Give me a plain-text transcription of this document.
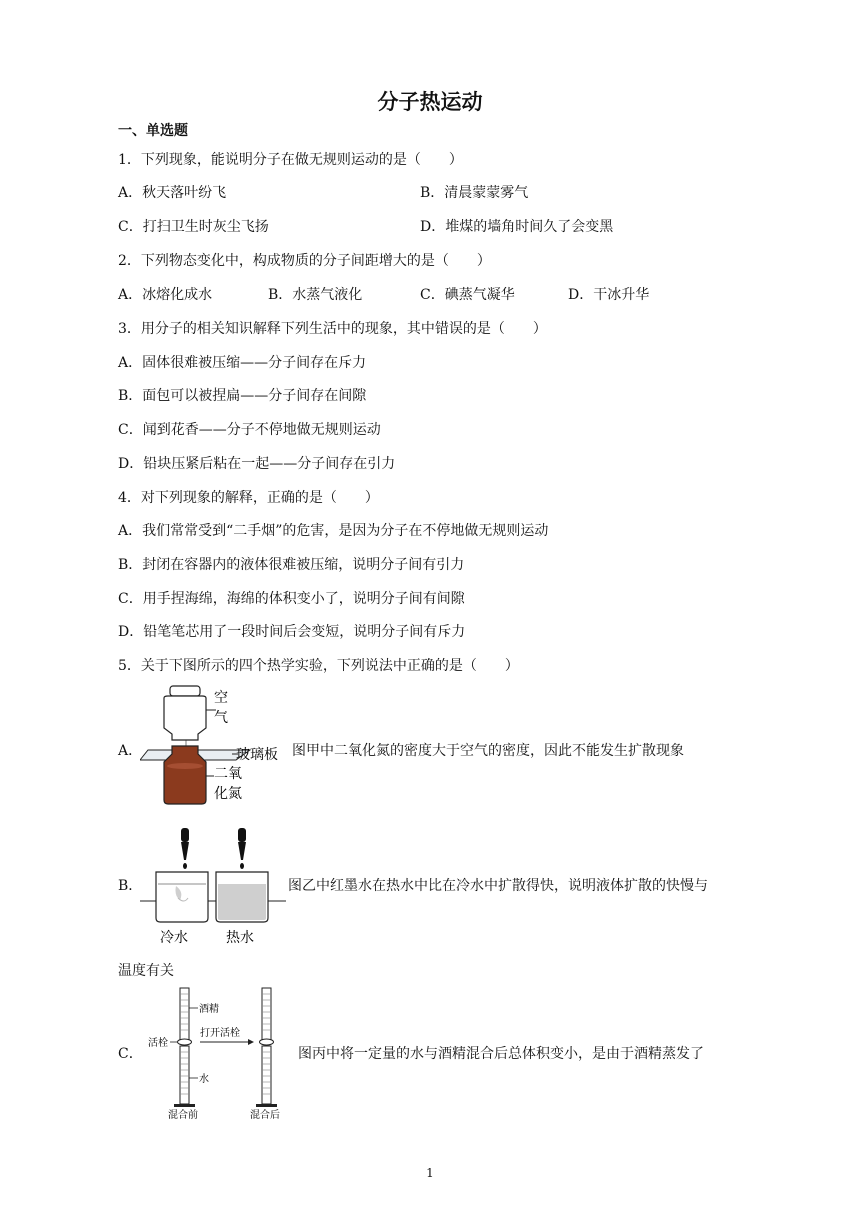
分子热运动
一、单选题
1．下列现象，能说明分子在做无规则运动的是（　　）
A．秋天落叶纷飞	B．清晨蒙蒙雾气
C．打扫卫生时灰尘飞扬	D．堆煤的墙角时间久了会变黑
2．下列物态变化中，构成物质的分子间距增大的是（　　）
A．冰熔化成水	B．水蒸气液化	C．碘蒸气凝华	D．干冰升华
3．用分子的相关知识解释下列生活中的现象，其中错误的是（　　）
A．固体很难被压缩——分子间存在斥力
B．面包可以被捏扁——分子间存在间隙
C．闻到花香——分子不停地做无规则运动
D．铅块压紧后粘在一起——分子间存在引力
4．对下列现象的解释，正确的是（　　）
A．我们常常受到“二手烟”的危害，是因为分子在不停地做无规则运动
B．封闭在容器内的液体很难被压缩，说明分子间有引力
C．用手捏海绵，海绵的体积变小了，说明分子间有间隙
D．铅笔笔芯用了一段时间后会变短，说明分子间有斥力
5．关于下图所示的四个热学实验，下列说法中正确的是（　　）
A．
空
气
玻璃板
二氧
化氮
图甲中二氧化氮的密度大于空气的密度，因此不能发生扩散现象
B．
冷水	热水
图乙中红墨水在热水中比在冷水中扩散得快，说明液体扩散的快慢与
温度有关
C．
酒精
活栓
水
混合前
打开活栓
混合后
图丙中将一定量的水与酒精混合后总体积变小，是由于酒精蒸发了
1
